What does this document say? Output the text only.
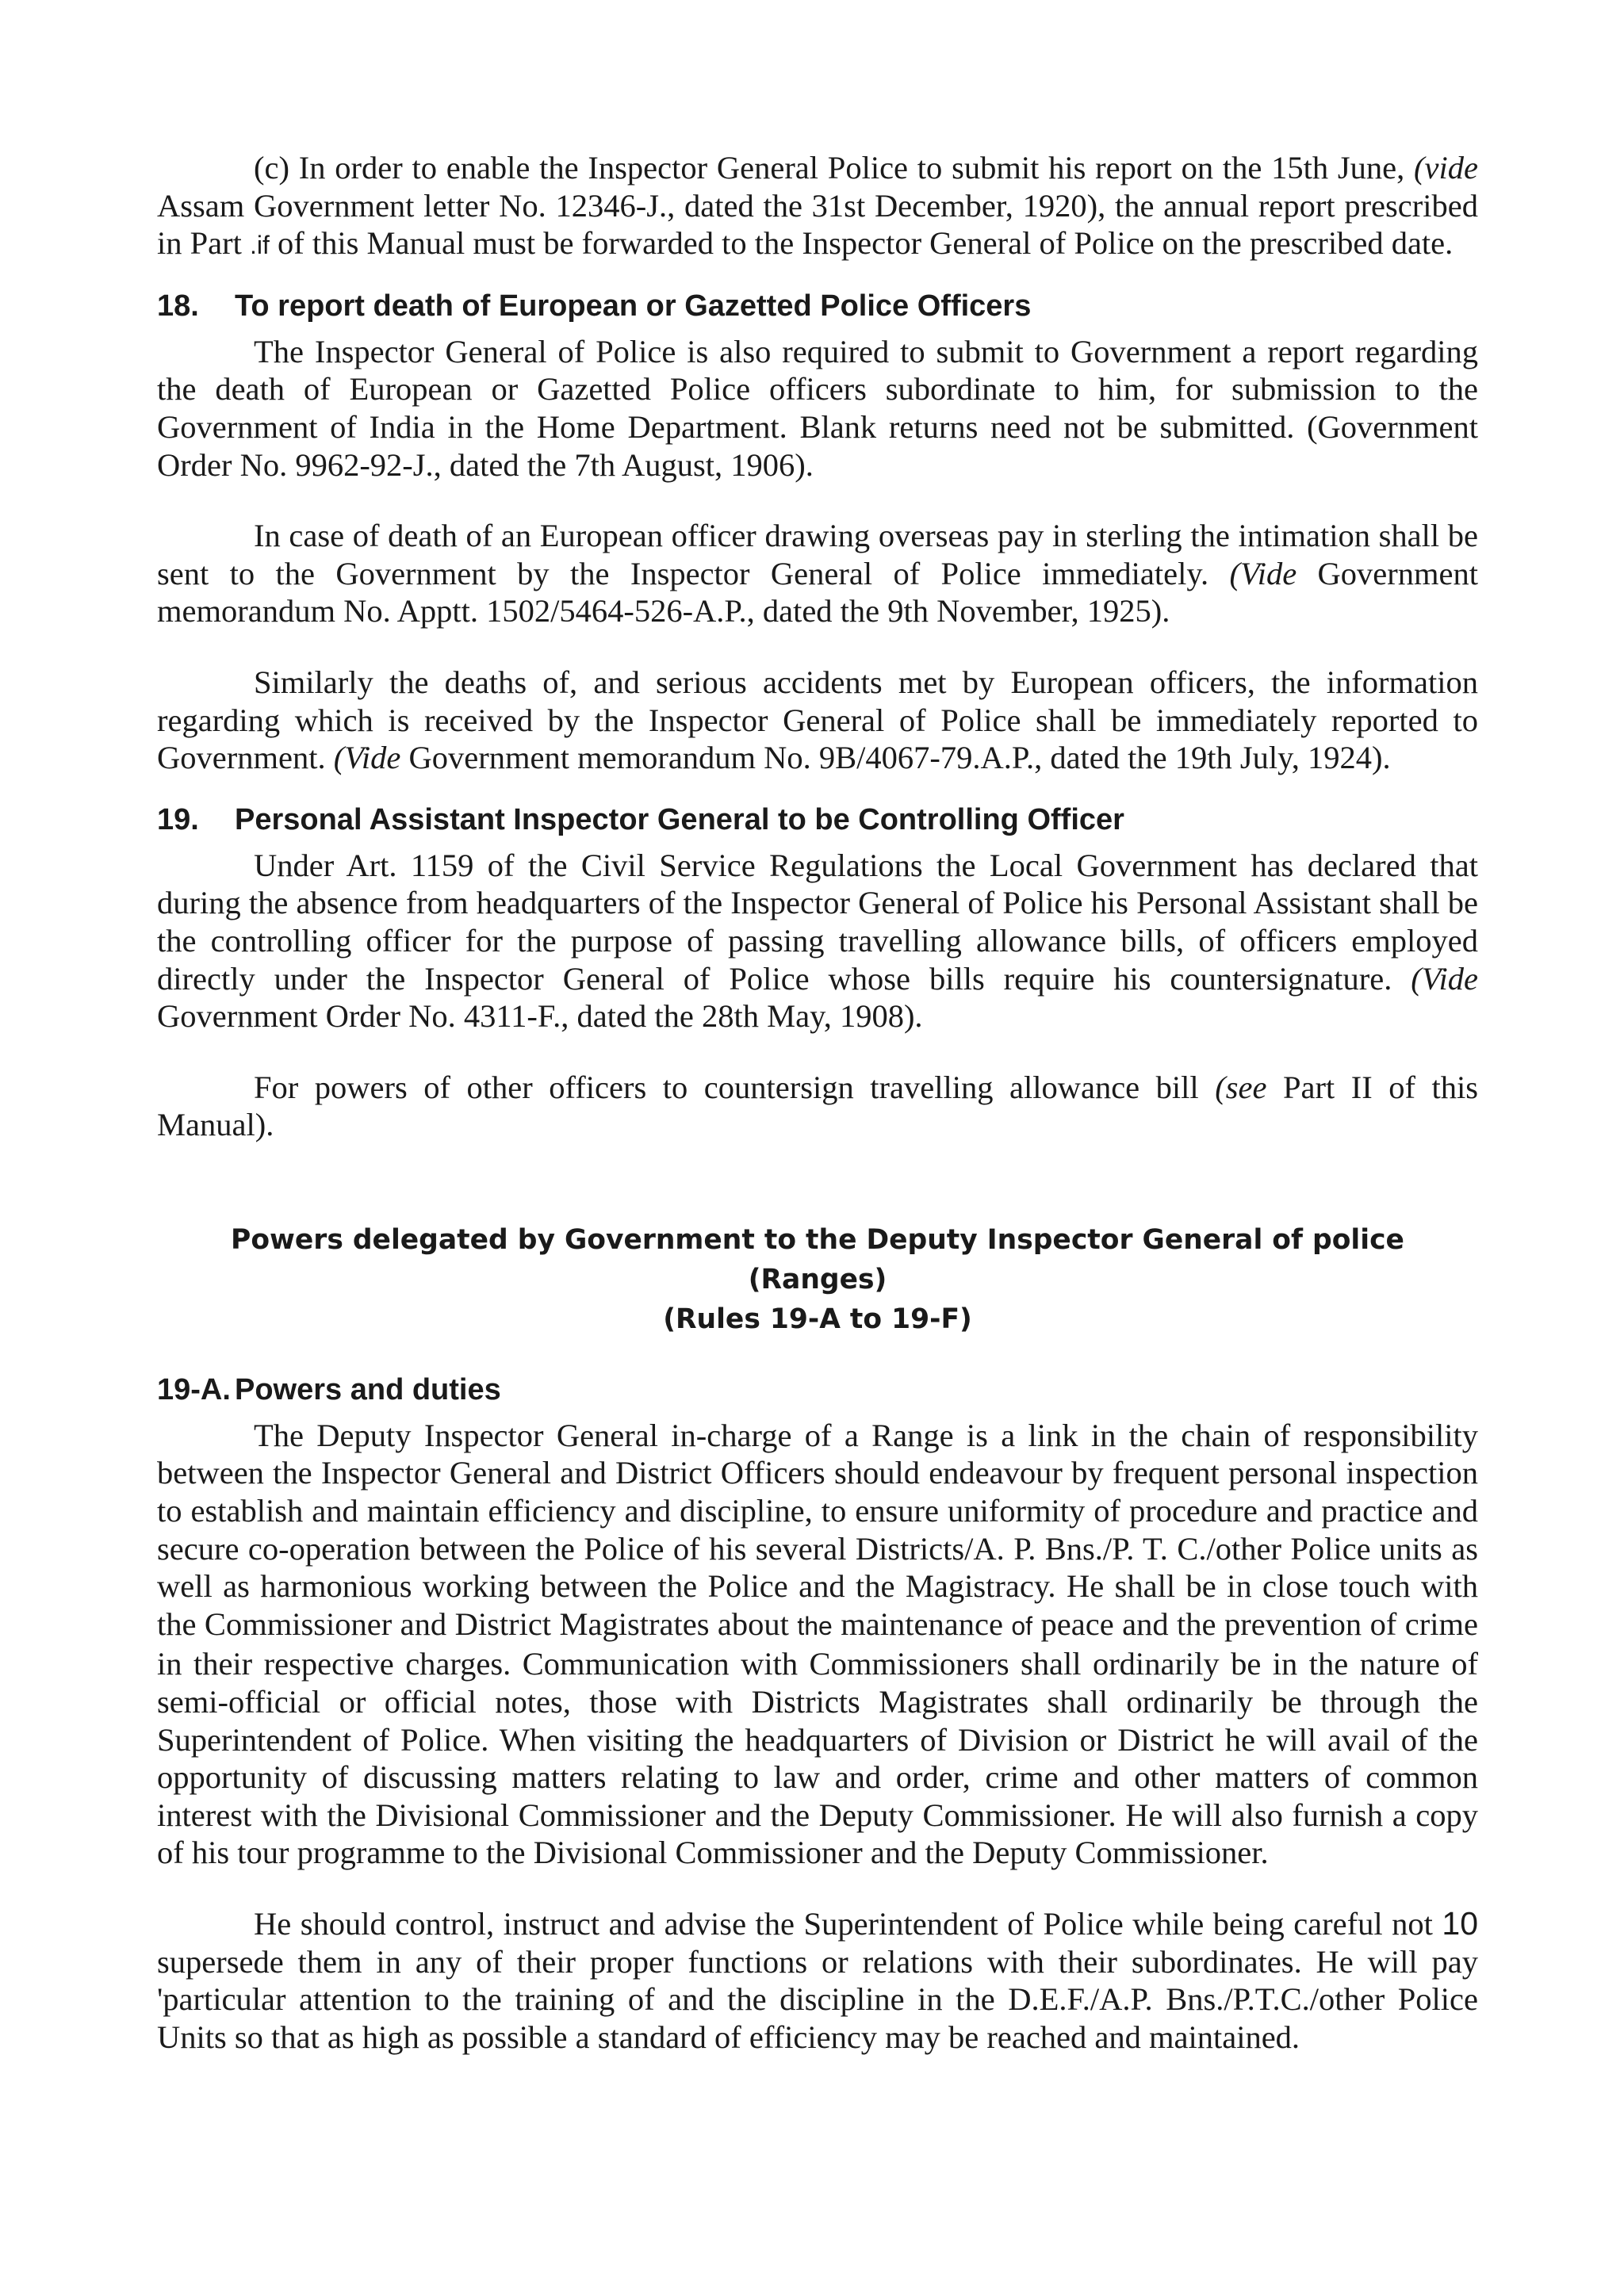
(c) In order to enable the Inspector General Police to submit his report on the 15th June, (vide Assam Government letter No. 12346-J., dated the 31st December, 1920), the annual report prescribed in Part .if of this Manual must be forwarded to the Inspector General of Police on the prescribed date.

18. To report death of European or Gazetted Police Officers

The Inspector General of Police is also required to submit to Government a report regarding the death of European or Gazetted Police officers subordinate to him, for submission to the Government of India in the Home Department. Blank returns need not be submitted. (Government Order No. 9962-92-J., dated the 7th August, 1906).

In case of death of an European officer drawing overseas pay in sterling the intimation shall be sent to the Government by the Inspector General of Police immediately. (Vide Government memorandum No. Apptt. 1502/5464-526-A.P., dated the 9th November, 1925).

Similarly the deaths of, and serious accidents met by European officers, the information regarding which is received by the Inspector General of Police shall be immediately reported to Government. (Vide Government memorandum No. 9B/4067-79.A.P., dated the 19th July, 1924).

19. Personal Assistant Inspector General to be Controlling Officer

Under Art. 1159 of the Civil Service Regulations the Local Government has declared that during the absence from headquarters of the Inspector General of Police his Personal Assistant shall be the controlling officer for the purpose of passing travelling allowance bills, of officers employed directly under the Inspector General of Police whose bills require his countersignature. (Vide Government Order No. 4311-F., dated the 28th May, 1908).

For powers of other officers to countersign travelling allowance bill (see Part II of this Manual).

Powers delegated by Government to the Deputy Inspector General of police (Ranges)
(Rules 19-A to 19-F)
19-A. Powers and duties

The Deputy Inspector General in-charge of a Range is a link in the chain of responsibility between the Inspector General and District Officers should endeavour by frequent personal inspection to establish and maintain efficiency and discipline, to ensure uniformity of procedure and practice and secure co-operation between the Police of his several Districts/A. P. Bns./P. T. C./other Police units as well as harmonious working between the Police and the Magistracy. He shall be in close touch with the Commissioner and District Magistrates about the maintenance of peace and the prevention of crime in their respective charges. Communication with Commissioners shall ordinarily be in the nature of semi-official or official notes, those with Districts Magistrates shall ordinarily be through the Superintendent of Police. When visiting the headquarters of Division or District he will avail of the opportunity of discussing matters relating to law and order, crime and other matters of common interest with the Divisional Commissioner and the Deputy Commissioner. He will also furnish a copy of his tour programme to the Divisional Commissioner and the Deputy Commissioner.

He should control, instruct and advise the Superintendent of Police while being careful not 10 supersede them in any of their proper functions or relations with their subordinates. He will pay 'particular attention to the training of and the discipline in the D.E.F./A.P. Bns./P.T.C./other Police Units so that as high as possible a standard of efficiency may be reached and maintained.
